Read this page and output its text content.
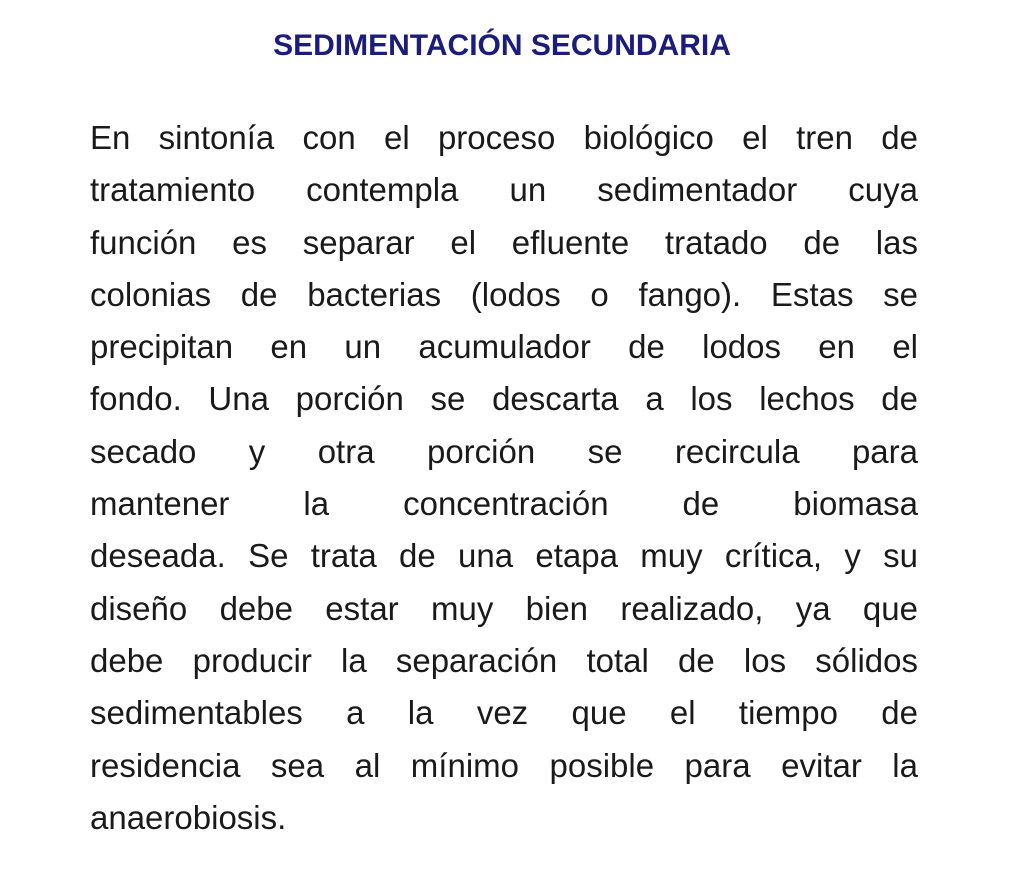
SEDIMENTACIÓN SECUNDARIA
En sintonía con el proceso biológico el tren de
tratamiento contempla un sedimentador cuya
función es separar el efluente tratado de las
colonias de bacterias (lodos o fango). Estas se
precipitan en un acumulador de lodos en el
fondo. Una porción se descarta a los lechos de
secado y otra porción se recircula para
mantener la concentración de biomasa
deseada. Se trata de una etapa muy crítica, y su
diseño debe estar muy bien realizado, ya que
debe producir la separación total de los sólidos
sedimentables a la vez que el tiempo de
residencia sea al mínimo posible para evitar la
anaerobiosis.
